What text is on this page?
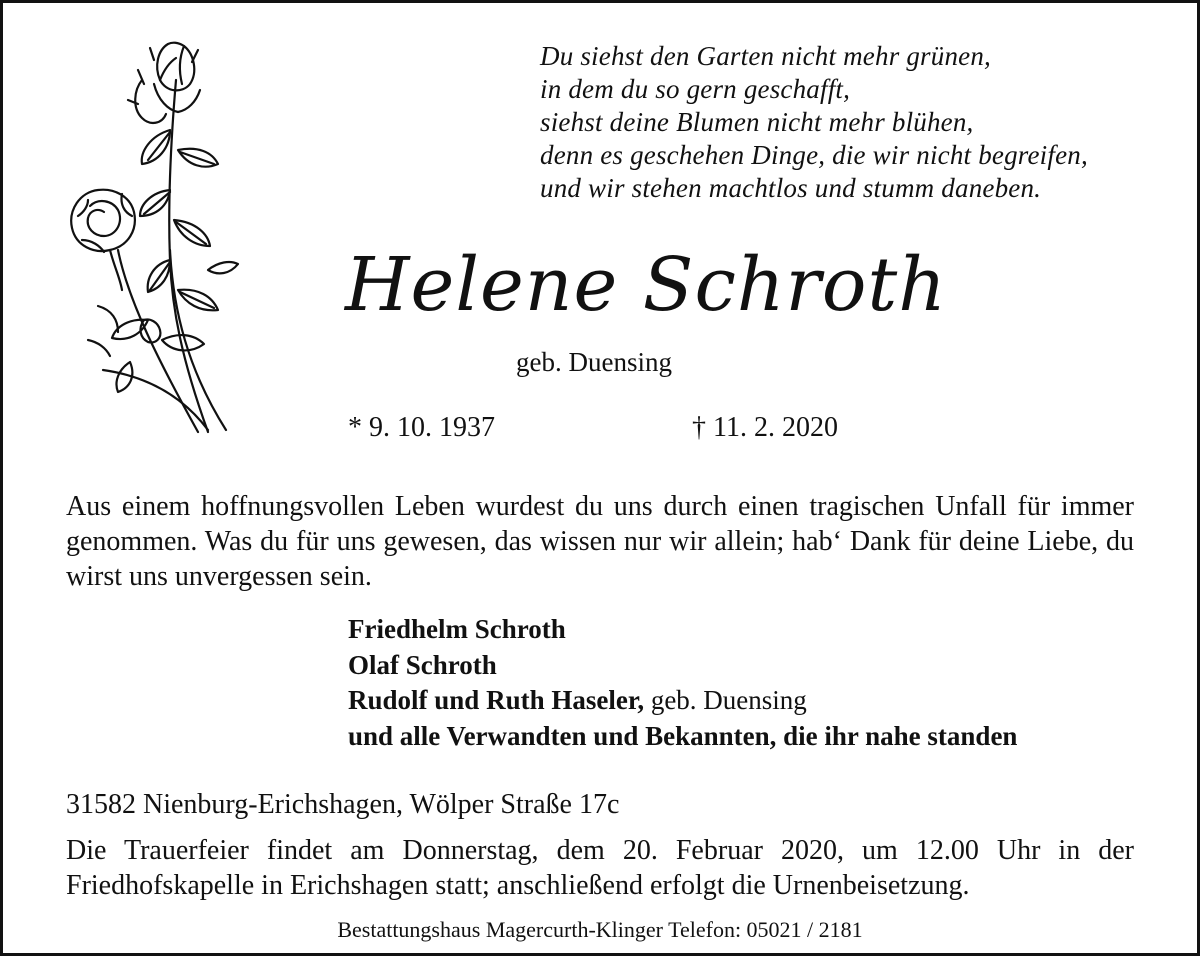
Du siehst den Garten nicht mehr grünen,
in dem du so gern geschafft,
siehst deine Blumen nicht mehr blühen,
denn es geschehen Dinge, die wir nicht begreifen,
und wir stehen machtlos und stumm daneben.
Helene Schroth
geb. Duensing
* 9. 10. 1937	† 11. 2. 2020

Aus einem hoffnungsvollen Leben wurdest du uns durch einen tragischen Unfall für immer genommen. Was du für uns gewesen, das wissen nur wir allein; hab‘ Dank für deine Liebe, du wirst uns unvergessen sein.

Friedhelm Schroth
Olaf Schroth
Rudolf und Ruth Haseler, geb. Duensing
und alle Verwandten und Bekannten, die ihr nahe standen
31582 Nienburg-Erichshagen, Wölper Straße 17c

Die Trauerfeier findet am Donnerstag, dem 20. Februar 2020, um 12.00 Uhr in der Friedhofskapelle in Erichshagen statt; anschließend erfolgt die Urnenbeisetzung.

Bestattungshaus Magercurth-Klinger Telefon: 05021 / 2181
